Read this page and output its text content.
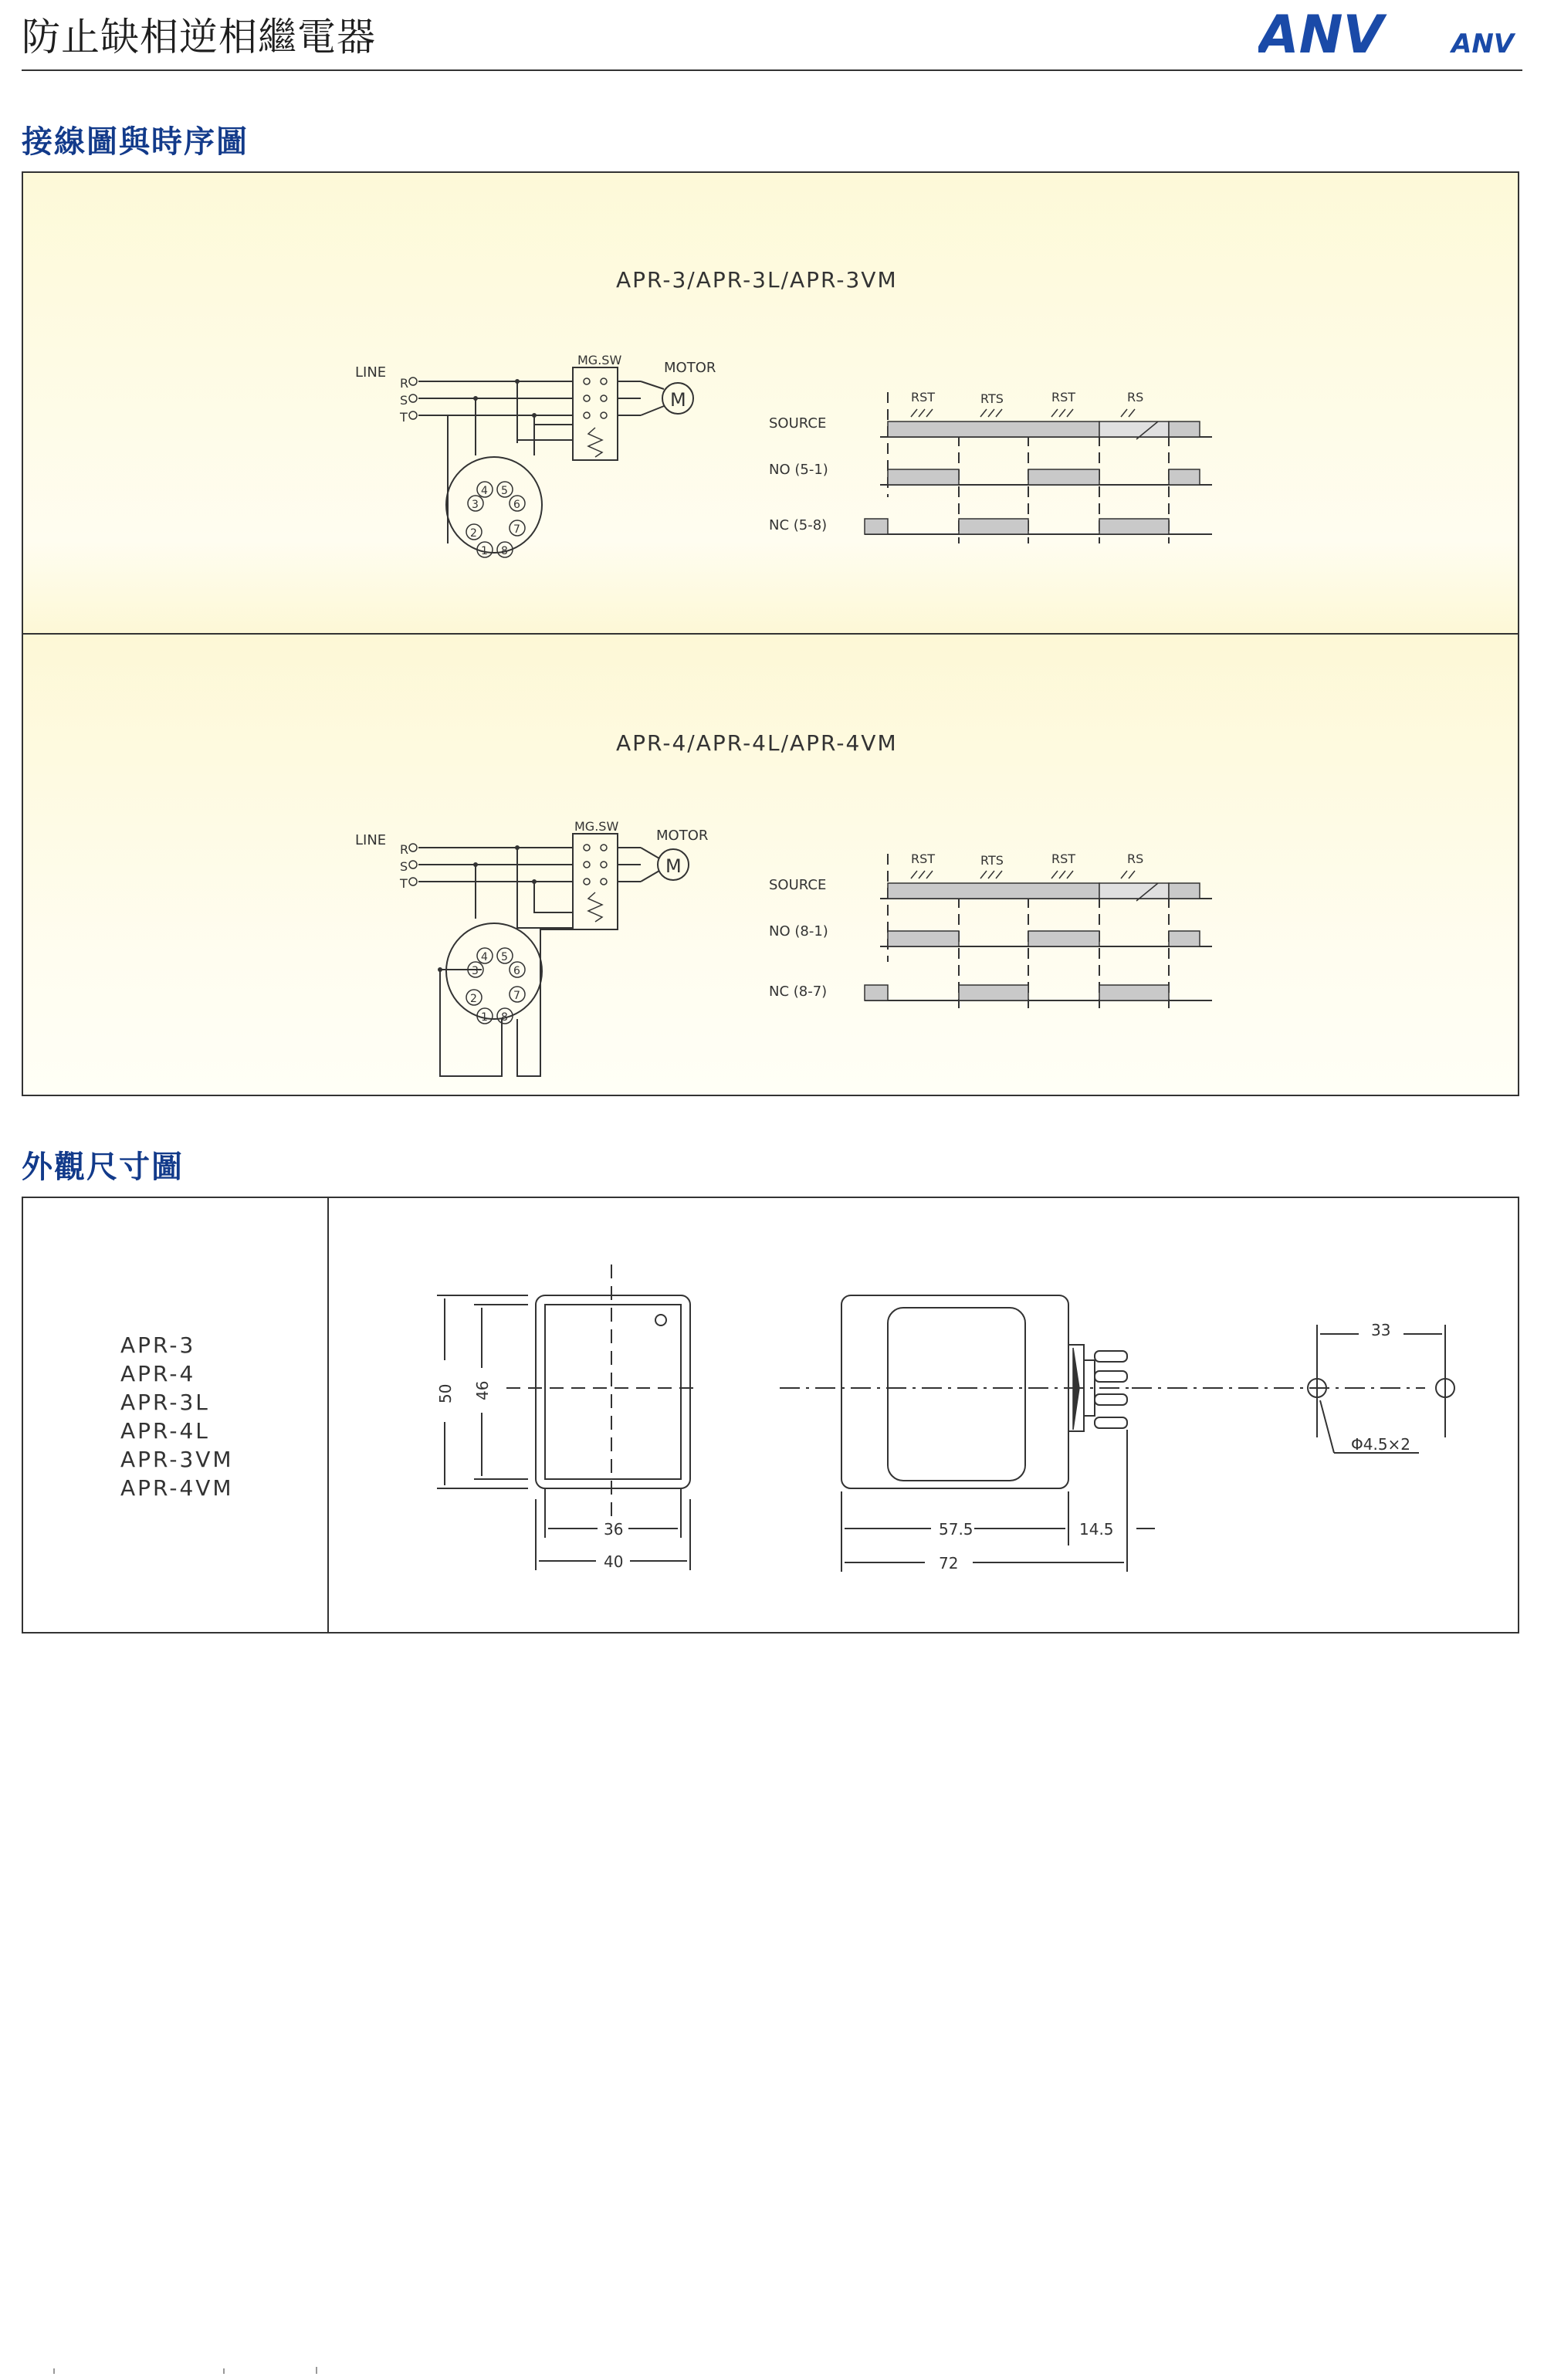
防止缺相逆相繼電器	ANV	ANV
接線圖與時序圖
APR-3/APR-3L/APR-3VM
LINE
R
S
T
MG.SW	MOTOR
M
1
2
3
4 5
6
7
8
RST	RTS	RST	RS
SOURCE
NO (5-1)
NC (5-8)
APR-4/APR-4L/APR-4VM
LINE
R
S
T
MG.SW
MOTOR
M
1
2
3
4 5
6
7
8
RST	RTS	RST	RS
SOURCE
NO (8-1)
NC (8-7)
外觀尺寸圖
APR-3
APR-4
APR-3L
APR-4L
APR-3VM
APR-4VM
50 46
36
40
57.5	14.5
72
33
Φ4.5×2
